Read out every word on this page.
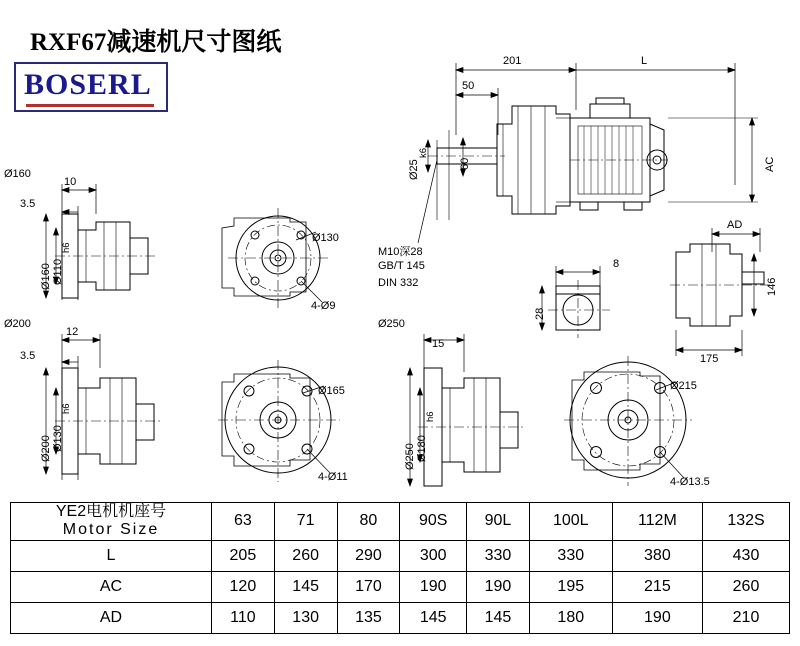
RXF67减速机尺寸图纸
BOSERL
201	L
50
Ø25
k6
60	AC
M10深28
GB/T 145
DIN 332
8
28
AD
146
175
Ø160
10
3.5
Ø160 Ø110
h6
Ø130
4-Ø9
Ø200
12
3.5
Ø200 Ø130
h6
Ø165
4-Ø11
Ø250
15
Ø250 Ø180
h6
Ø215
4-Ø13.5
YE2电机机座号
Motor Size	63	71	80	90S	90L	100L	112M	132S
L	205	260	290	300	330	330	380	430
AC	120	145	170	190	190	195	215	260
AD	110	130	135	145	145	180	190	210
